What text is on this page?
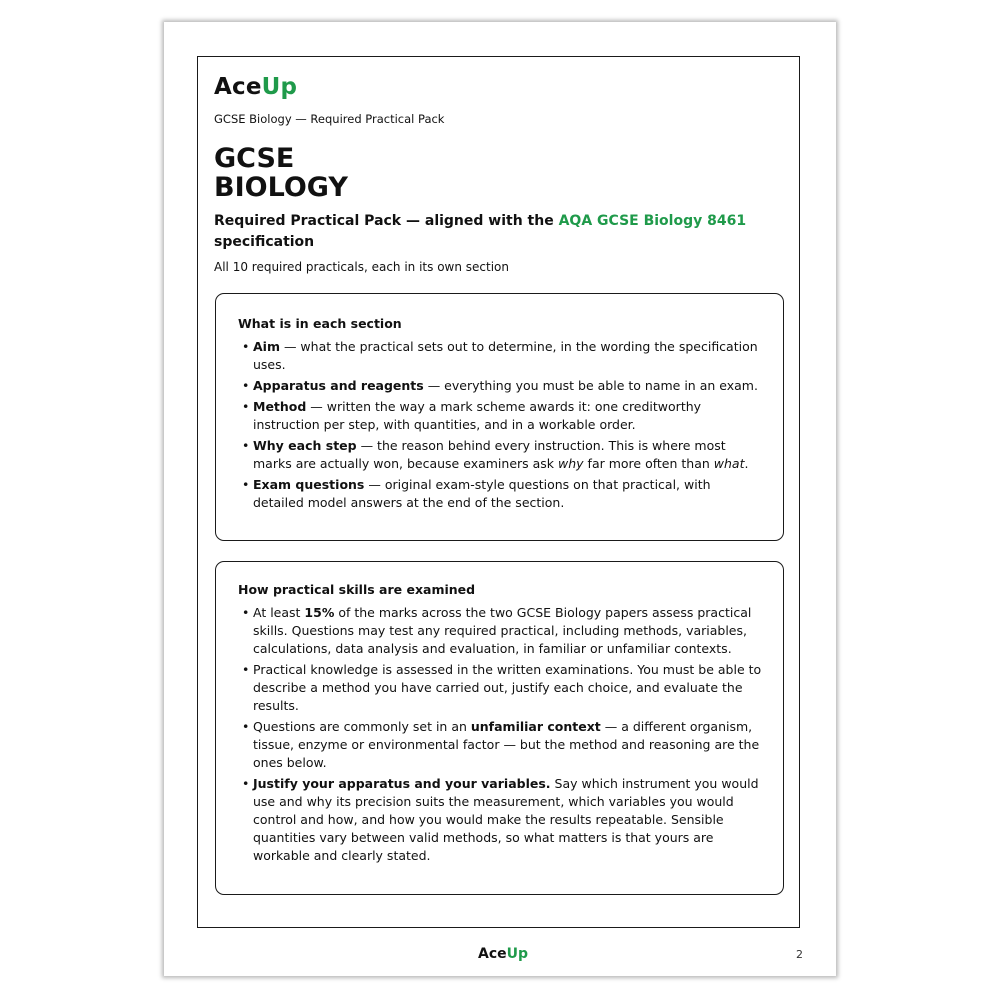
AceUp
GCSE Biology — Required Practical Pack
GCSE
BIOLOGY
Required Practical Pack — aligned with the AQA GCSE Biology 8461 specification
All 10 required practicals, each in its own section
What is in each section
• Aim — what the practical sets out to determine, in the wording the specification uses.
• Apparatus and reagents — everything you must be able to name in an exam.
• Method — written the way a mark scheme awards it: one creditworthy instruction per step, with quantities, and in a workable order.
• Why each step — the reason behind every instruction. This is where most marks are actually won, because examiners ask why far more often than what.
• Exam questions — original exam-style questions on that practical, with detailed model answers at the end of the section.
How practical skills are examined
• At least 15% of the marks across the two GCSE Biology papers assess practical skills. Questions may test any required practical, including methods, variables, calculations, data analysis and evaluation, in familiar or unfamiliar contexts.
• Practical knowledge is assessed in the written examinations. You must be able to describe a method you have carried out, justify each choice, and evaluate the results.
• Questions are commonly set in an unfamiliar context — a different organism, tissue, enzyme or environmental factor — but the method and reasoning are the ones below.
• Justify your apparatus and your variables. Say which instrument you would use and why its precision suits the measurement, which variables you would control and how, and how you would make the results repeatable. Sensible quantities vary between valid methods, so what matters is that yours are workable and clearly stated.
AceUp	2
